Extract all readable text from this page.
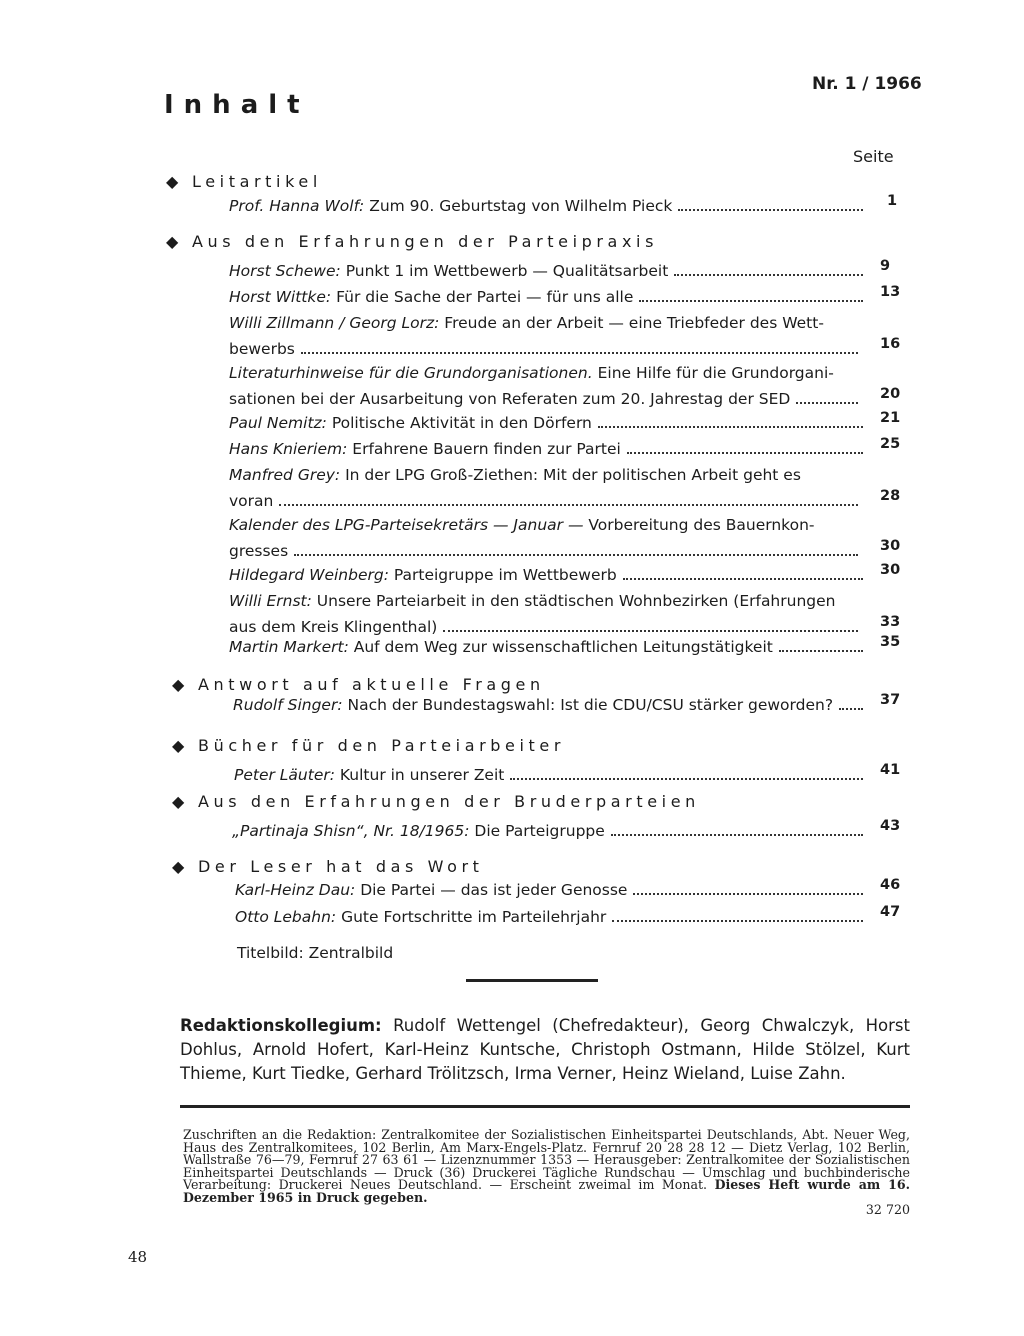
Nr. 1 / 1966
Inhalt
Seite
◆ Leitartikel
Prof. Hanna Wolf: Zum 90. Geburtstag von Wilhelm Pieck	1
◆ Aus den Erfahrungen der Parteipraxis
Horst Schewe: Punkt 1 im Wettbewerb — Qualitätsarbeit	9
Horst Wittke: Für die Sache der Partei — für uns alle	13
Willi Zillmann / Georg Lorz: Freude an der Arbeit — eine Triebfeder des Wett-
bewerbs	16
Literaturhinweise für die Grundorganisationen. Eine Hilfe für die Grundorgani-
sationen bei der Ausarbeitung von Referaten zum 20. Jahrestag der SED	20
Paul Nemitz: Politische Aktivität in den Dörfern	21
Hans Knieriem: Erfahrene Bauern finden zur Partei	25
Manfred Grey: In der LPG Groß-Ziethen: Mit der politischen Arbeit geht es
voran	28
Kalender des LPG-Parteisekretärs — Januar — Vorbereitung des Bauernkon-
gresses	30
Hildegard Weinberg: Parteigruppe im Wettbewerb	30
Willi Ernst: Unsere Parteiarbeit in den städtischen Wohnbezirken (Erfahrungen
aus dem Kreis Klingenthal)	33
Martin Markert: Auf dem Weg zur wissenschaftlichen Leitungstätigkeit	35
◆ Antwort auf aktuelle Fragen
Rudolf Singer: Nach der Bundestagswahl: Ist die CDU/CSU stärker geworden?	37
◆ Bücher für den Parteiarbeiter
Peter Läuter: Kultur in unserer Zeit	41
◆ Aus den Erfahrungen der Bruderparteien
„Partinaja Shisn“, Nr. 18/1965: Die Parteigruppe	43
◆ Der Leser hat das Wort
Karl-Heinz Dau: Die Partei — das ist jeder Genosse	46
Otto Lebahn: Gute Fortschritte im Parteilehrjahr	47
Titelbild: Zentralbild
Redaktionskollegium: Rudolf Wettengel (Chefredakteur), Georg Chwalczyk, Horst Dohlus, Arnold Hofert, Karl-Heinz Kuntsche, Christoph Ostmann, Hilde Stölzel, Kurt Thieme, Kurt Tiedke, Gerhard Trölitzsch, Irma Verner, Heinz Wieland, Luise Zahn.
Zuschriften an die Redaktion: Zentralkomitee der Sozialistischen Einheitspartei Deutschlands, Abt. Neuer Weg, Haus des Zentralkomitees, 102 Berlin, Am Marx-Engels-Platz. Fernruf 20 28 28 12 — Dietz Verlag, 102 Berlin, Wallstraße 76—79, Fernruf 27 63 61 — Lizenznummer 1353 — Herausgeber: Zentralkomitee der Sozialistischen Einheitspartei Deutschlands — Druck (36) Druckerei Tägliche Rundschau — Umschlag und buchbinderische Verarbeitung: Druckerei Neues Deutschland. — Erscheint zweimal im Monat. Dieses Heft wurde am 16. Dezember 1965 in Druck gegeben.
32 720
48
